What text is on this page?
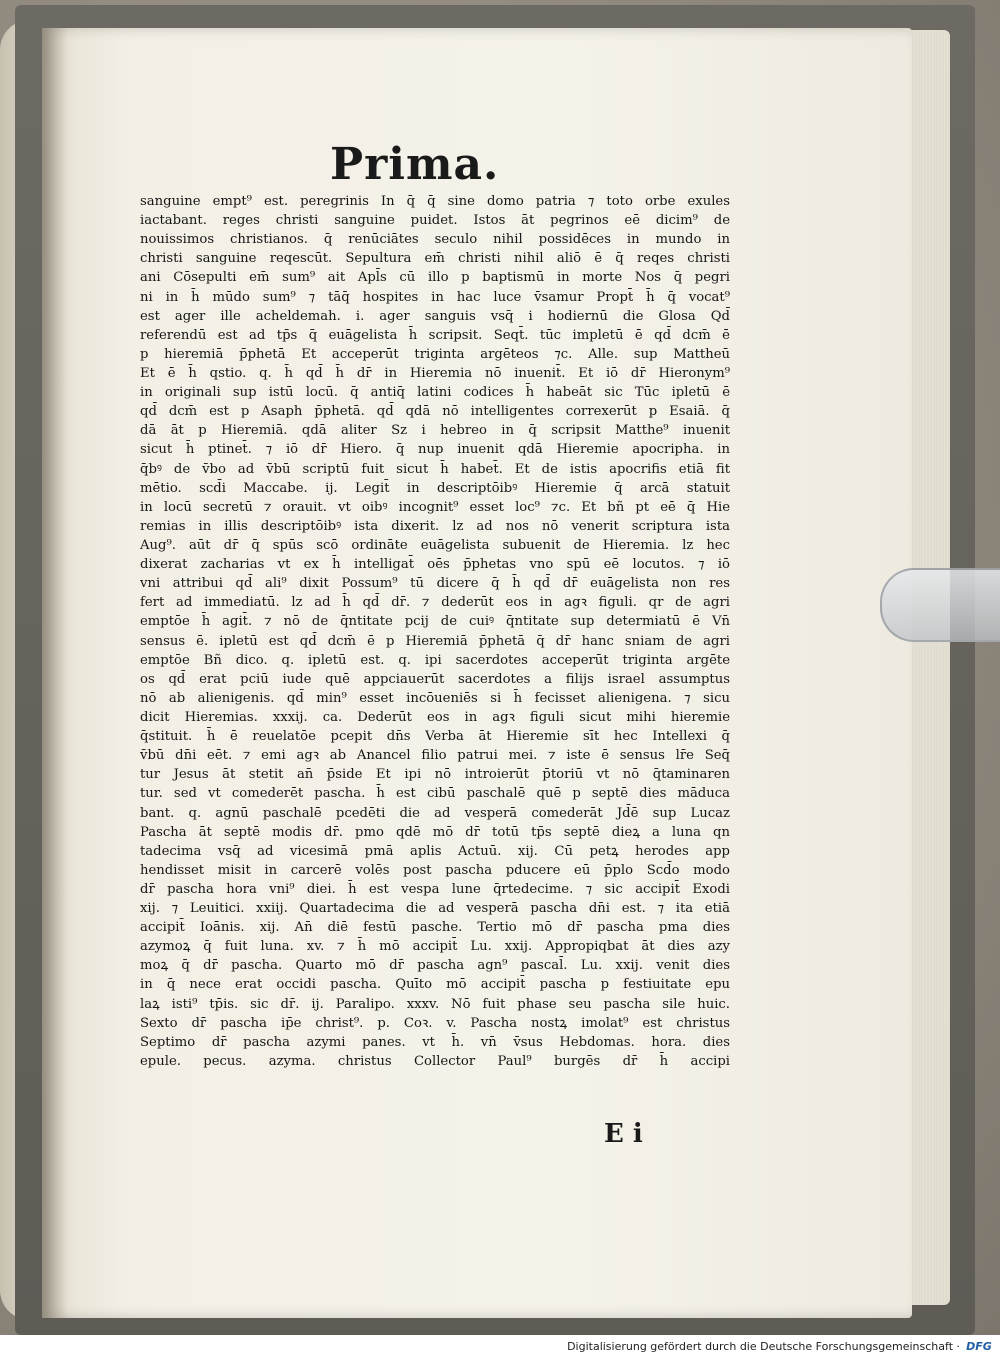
Prima.
sanguine empt⁹ est. peregrinis In q̄ q̄ sine domo patria ⁊ toto orbe exules
iactabant. reges christi sanguine puidet. Istos āt pegrinos eē dicim⁹ de
nouissimos christianos. q̄ renūciātes seculo nihil possidēces in mundo in
christi sanguine reqescūt. Sepultura em̄ christi nihil aliō ē q̄ reqes christi
ani Cōsepulti em̄ sum⁹ ait Apl̄s cū illo p baptismū in morte Nos q̄ pegri
ni in h̄ mūdo sum⁹ ⁊ tāq̄ hospites in hac luce v̄samur Propt̄ h̄ q̄ vocat⁹
est ager ille acheldemah. i. ager sanguis vsq̄ i hodiernū die Glosa Qd̄
referendū est ad tp̄s q̄ euāgelista h̄ scripsit. Seqt̄. tūc impletū ē qd̄ dcm̄ ē
p hieremiā p̄phetā Et acceperūt triginta argēteos ⁊c. Alle. sup Mattheū
Et ē h̄ qstio. q. h̄ qd̄ h̄ dr̄ in Hieremia nō inuenit̄. Et iō dr̄ Hieronym⁹
in originali sup istū locū. q̄ antiq̄ latini codices h̄ habeāt sic Tūc ipletū ē
qd̄ dcm̄ est p Asaph p̄phetā. qd̄ qdā nō intelligentes correxerūt p Esaiā. q̄
dā āt p Hieremiā. qdā aliter Sz i hebreo in q̄ scripsit Matthe⁹ inuenit
sicut h̄ ptinet̄. ⁊ iō dr̄ Hiero. q̄ nup inuenit qdā Hieremie apocripha. in
q̄bꝰ de v̄bo ad v̄bū scriptū fuit sicut h̄ habet̄. Et de istis apocrifis etiā fit
mētio. scd̄i Maccabe. ij. Legit̄ in descriptōibꝰ Hieremie q̄ arcā statuit
in locū secretū ⁊ orauit. vt oibꝰ incognit⁹ esset loc⁹ ⁊c. Et bñ pt eē q̄ Hie
remias in illis descriptōibꝰ ista dixerit. lz ad nos nō venerit scriptura ista
Aug⁹. aūt dr̄ q̄ spūs scō ordināte euāgelista subuenit de Hieremia. lz hec
dixerat zacharias vt ex h̄ intelligat̄ oēs p̄phetas vno spū eē locutos. ⁊ iō
vni attribui qd̄ ali⁹ dixit Possum⁹ tū dicere q̄ h̄ qd̄ dr̄ euāgelista non res
fert ad immediatū. lz ad h̄ qd̄ dr̄. ⁊ dederūt eos in agꝛ figuli. qr de agri
emptōe h̄ agit̄. ⁊ nō de q̄ntitate pcij de cuiꝰ q̄ntitate sup determiatū ē Vn̄
sensus ē. ipletū est qd̄ dcm̄ ē p Hieremiā p̄phetā q̄ dr̄ hanc sniam de agri
emptōe Bñ dico. q. ipletū est. q. ipi sacerdotes acceperūt triginta argēte
os qd̄ erat pciū iude quē appciauerūt sacerdotes a filijs israel assumptus
nō ab alienigenis. qd̄ min⁹ esset incōueniēs si h̄ fecisset alienigena. ⁊ sicu
dicit Hieremias. xxxij. ca. Dederūt eos in agꝛ figuli sicut mihi hieremie
q̄stituit. h̄ ē reuelatōe pcepit dn̄s Verba āt Hieremie sīt hec Intellexi q̄
v̄bū dn̄i eēt. ⁊ emi agꝛ ab Anancel filio patrui mei. ⁊ iste ē sensus lr̄e Seq̄
tur Jesus āt stetit an̄ p̄side Et ipi nō introierūt p̄toriū vt nō q̄taminaren
tur. sed vt comederēt pascha. h̄ est cibū paschalē quē p septē dies māduca
bant. q. agnū paschalē pcedēti die ad vesperā comederāt Jd̄ē sup Lucaz
Pascha āt septē modis dr̄. pmo qdē mō dr̄ totū tp̄s septē dieꝝ a luna qn
tadecima vsq̄ ad vicesimā pmā aplis Actuū. xij. Cū petꝝ herodes app
hendisset misit in carcerē volēs post pascha pducere eū p̄plo Scd̄o modo
dr̄ pascha hora vni⁹ diei. h̄ est vespa lune q̄rtedecime. ⁊ sic accipit̄ Exodi
xij. ⁊ Leuitici. xxiij. Quartadecima die ad vesperā pascha dn̄i est. ⁊ ita etiā
accipit̄ Ioānis. xij. An̄ diē festū pasche. Tertio mō dr̄ pascha pma dies
azymoꝝ q̄ fuit luna. xv. ⁊ h̄ mō accipit̄ Lu. xxij. Appropiqbat āt dies azy
moꝝ q̄ dr̄ pascha. Quarto mō dr̄ pascha agn⁹ pascal̄. Lu. xxij. venit dies
in q̄ nece erat occidi pascha. Quīto mō accipit̄ pascha p festiuitate epu
laꝝ isti⁹ tp̄is. sic dr̄. ij. Paralipo. xxxv. Nō fuit phase seu pascha sile huic.
Sexto dr̄ pascha ip̄e christ⁹. p. Coꝛ. v. Pascha nostꝝ imolat⁹ est christus
Septimo dr̄ pascha azymi panes. vt h̄. vn̄ v̄sus Hebdomas. hora. dies
epule. pecus. azyma. christus Collector Paul⁹ burgēs dr̄ h̄ accipi
E i
Digitalisierung gefördert durch die Deutsche Forschungsgemeinschaft · DFG
